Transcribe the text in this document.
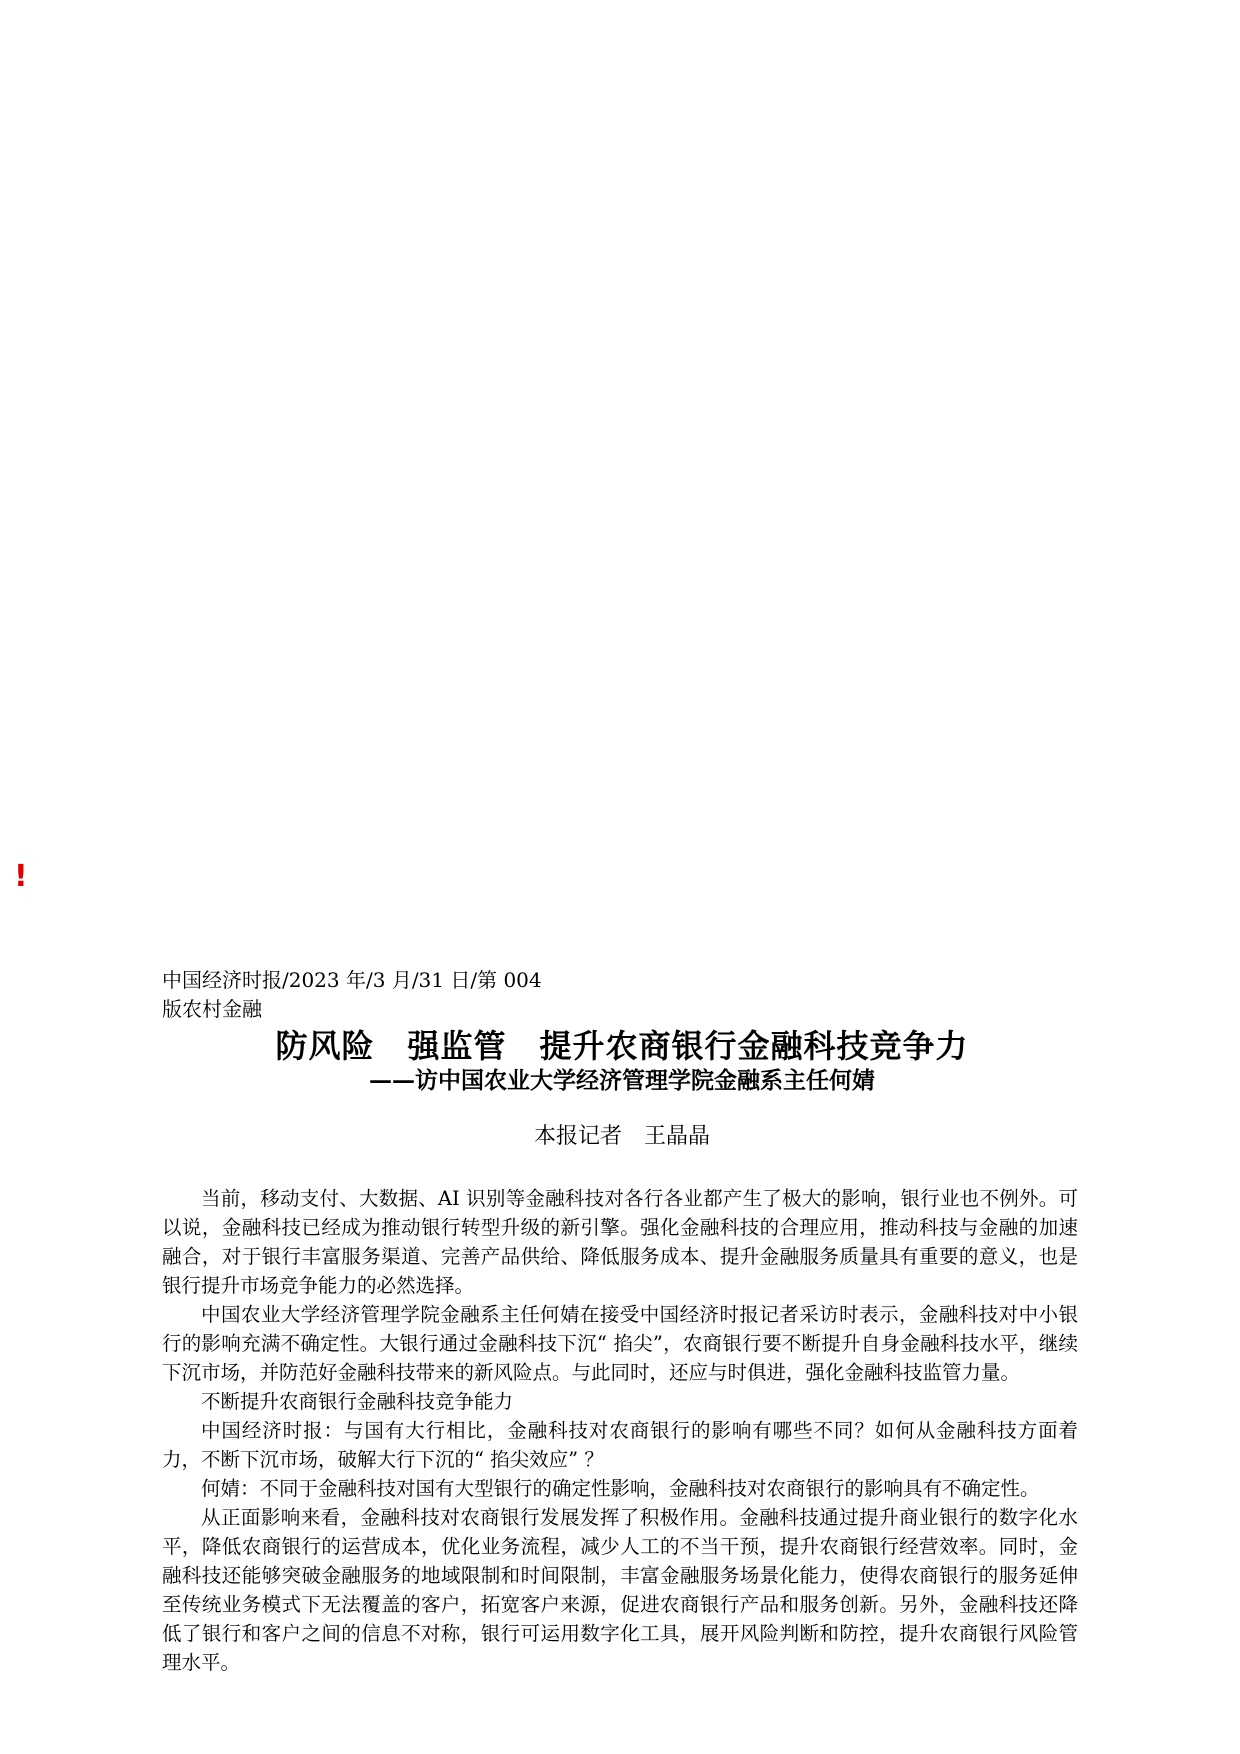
!
中国经济时报/2023 年/3 月/31 日/第 004
版农村金融
防风险　强监管　提升农商银行金融科技竞争力
——访中国农业大学经济管理学院金融系主任何婧
本报记者　王晶晶

当前，移动支付、大数据、AI 识别等金融科技对各行各业都产生了极大的影响，银行业也不例外。可以说，金融科技已经成为推动银行转型升级的新引擎。强化金融科技的合理应用，推动科技与金融的加速融合，对于银行丰富服务渠道、完善产品供给、降低服务成本、提升金融服务质量具有重要的意义，也是银行提升市场竞争能力的必然选择。

中国农业大学经济管理学院金融系主任何婧在接受中国经济时报记者采访时表示，金融科技对中小银行的影响充满不确定性。大银行通过金融科技下沉“ 掐尖”，农商银行要不断提升自身金融科技水平，继续下沉市场，并防范好金融科技带来的新风险点。与此同时，还应与时俱进，强化金融科技监管力量。

不断提升农商银行金融科技竞争能力

中国经济时报：与国有大行相比，金融科技对农商银行的影响有哪些不同？如何从金融科技方面着力，不断下沉市场，破解大行下沉的“ 掐尖效应” ？

何婧：不同于金融科技对国有大型银行的确定性影响，金融科技对农商银行的影响具有不确定性。

从正面影响来看，金融科技对农商银行发展发挥了积极作用。金融科技通过提升商业银行的数字化水平，降低农商银行的运营成本，优化业务流程，减少人工的不当干预，提升农商银行经营效率。同时，金融科技还能够突破金融服务的地域限制和时间限制，丰富金融服务场景化能力，使得农商银行的服务延伸至传统业务模式下无法覆盖的客户，拓宽客户来源，促进农商银行产品和服务创新。另外，金融科技还降低了银行和客户之间的信息不对称，银行可运用数字化工具，展开风险判断和防控，提升农商银行风险管理水平。
